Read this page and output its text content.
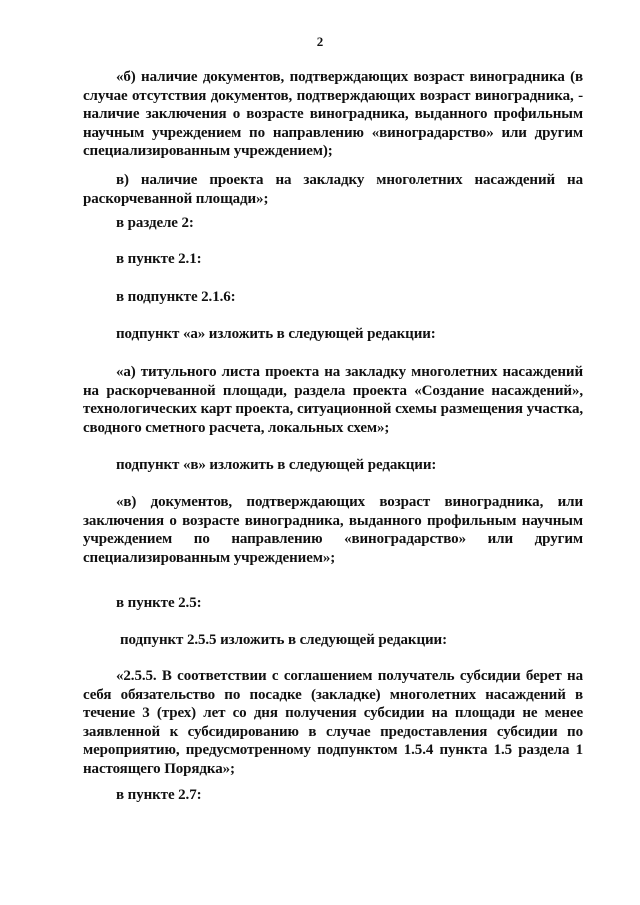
2

«б) наличие документов, подтверждающих возраст виноградника (в случае отсутствия документов, подтверждающих возраст виноградника, - наличие заключения о возрасте виноградника, выданного профильным научным учреждением по направлению «виноградарство» или другим специализированным учреждением);

в) наличие проекта на закладку многолетних насаждений на раскорчеванной площади»;

в разделе 2:

в пункте 2.1:

в подпункте 2.1.6:

подпункт «а» изложить в следующей редакции:

«а) титульного листа проекта на закладку многолетних насаждений на раскорчеванной площади, раздела проекта «Создание насаждений», технологических карт проекта, ситуационной схемы размещения участка, сводного сметного расчета, локальных схем»;

подпункт «в» изложить в следующей редакции:

«в) документов, подтверждающих возраст виноградника, или заключения о возрасте виноградника, выданного профильным научным учреждением по направлению «виноградарство» или другим специализированным учреждением»;

в пункте 2.5:

подпункт 2.5.5 изложить в следующей редакции:

«2.5.5. В соответствии с соглашением получатель субсидии берет на себя обязательство по посадке (закладке) многолетних насаждений в течение 3 (трех) лет со дня получения субсидии на площади не менее заявленной к субсидированию в случае предоставления субсидии по мероприятию, предусмотренному подпунктом 1.5.4 пункта 1.5 раздела 1 настоящего Порядка»;

в пункте 2.7:
